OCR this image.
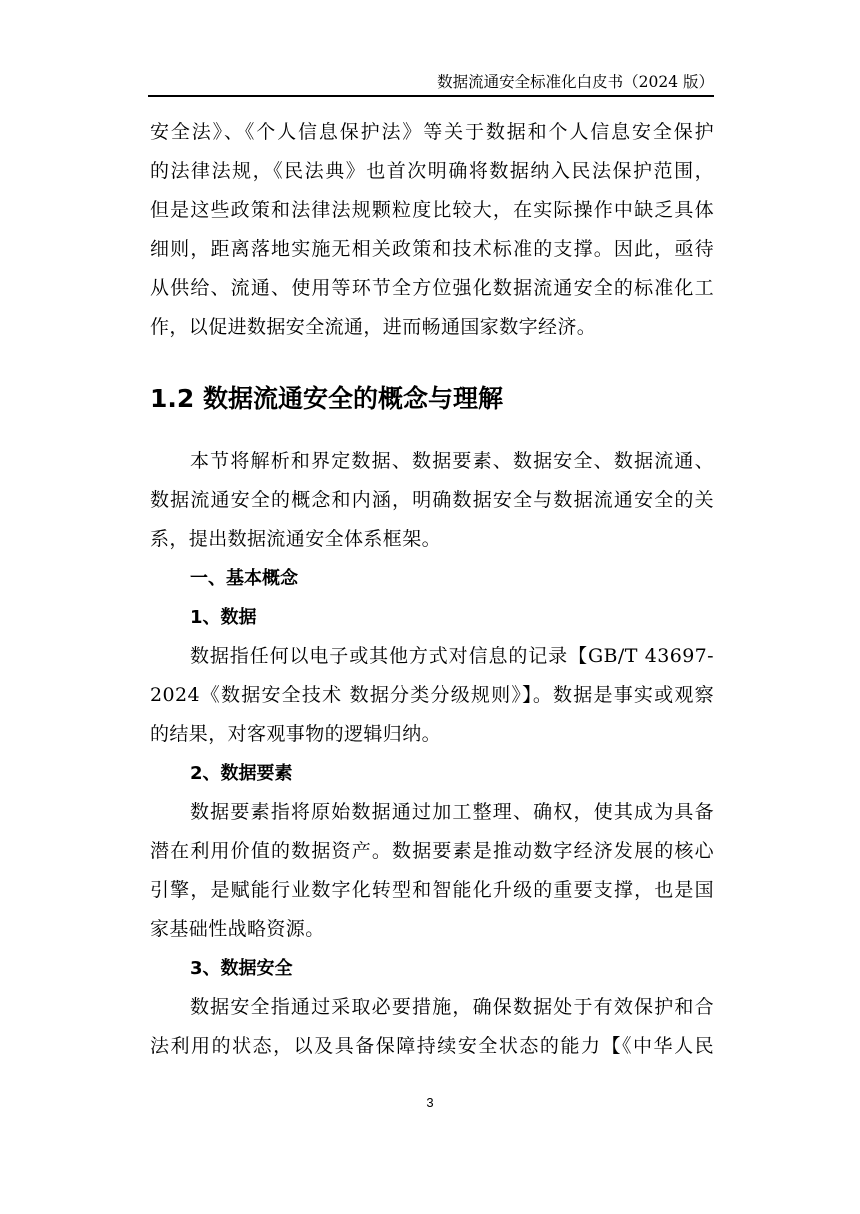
数据流通安全标准化白皮书（2024 版）
安全法》、《个人信息保护法》等关于数据和个人信息安全保护
的法律法规，《民法典》也首次明确将数据纳入民法保护范围，
但是这些政策和法律法规颗粒度比较大，在实际操作中缺乏具体
细则，距离落地实施无相关政策和技术标准的支撑。因此，亟待
从供给、流通、使用等环节全方位强化数据流通安全的标准化工
作，以促进数据安全流通，进而畅通国家数字经济。
1.2 数据流通安全的概念与理解
本节将解析和界定数据、数据要素、数据安全、数据流通、
数据流通安全的概念和内涵，明确数据安全与数据流通安全的关
系，提出数据流通安全体系框架。
一、基本概念
1、数据
数据指任何以电子或其他方式对信息的记录【GB/T 43697-
2024《数据安全技术 数据分类分级规则》】。数据是事实或观察
的结果，对客观事物的逻辑归纳。
2、数据要素
数据要素指将原始数据通过加工整理、确权，使其成为具备
潜在利用价值的数据资产。数据要素是推动数字经济发展的核心
引擎，是赋能行业数字化转型和智能化升级的重要支撑，也是国
家基础性战略资源。
3、数据安全
数据安全指通过采取必要措施，确保数据处于有效保护和合
法利用的状态，以及具备保障持续安全状态的能力【《中华人民
3
